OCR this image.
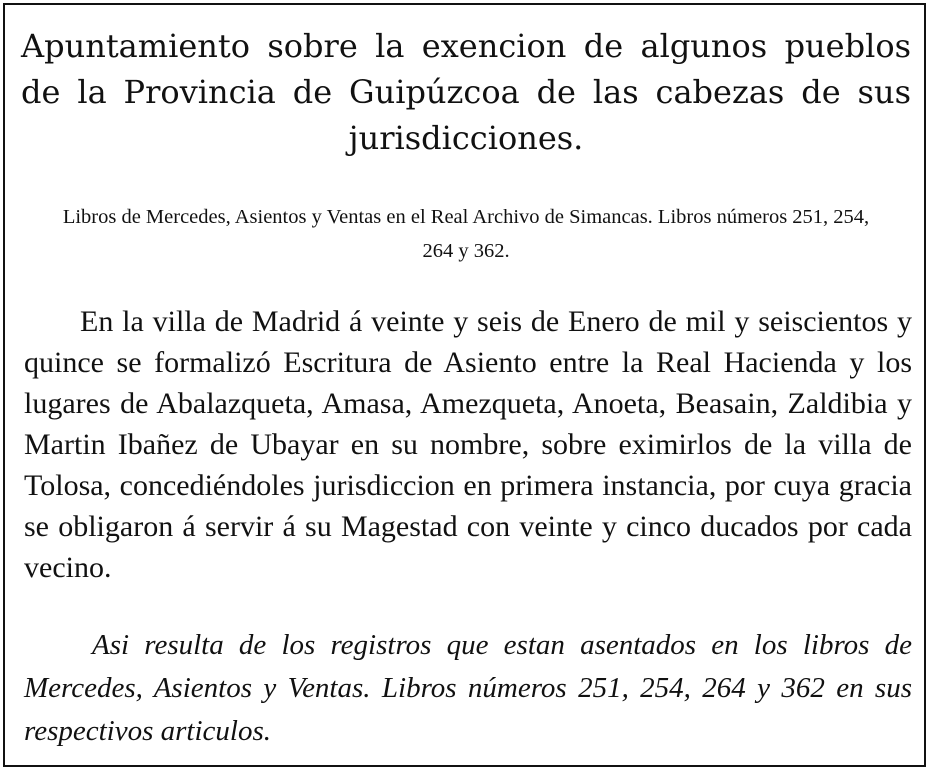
Apuntamiento sobre la exencion de algunos pueblos de la Provincia de Guipúzcoa de las cabezas de sus jurisdicciones.

Libros de Mercedes, Asientos y Ventas en el Real Archivo de Simancas. Libros números 251, 254, 264 y 362.

En la villa de Madrid á veinte y seis de Enero de mil y seiscientos y quince se formalizó Escritura de Asiento entre la Real Hacienda y los lugares de Abalazqueta, Amasa, Amezqueta, Anoeta, Beasain, Zaldibia y Martin Ibañez de Ubayar en su nombre, sobre eximirlos de la villa de Tolosa, concediéndoles jurisdiccion en primera instancia, por cuya gracia se obligaron á servir á su Magestad con veinte y cinco ducados por cada vecino.

Asi resulta de los registros que estan asentados en los libros de Mercedes, Asientos y Ventas. Libros números 251, 254, 264 y 362 en sus respectivos articulos.
